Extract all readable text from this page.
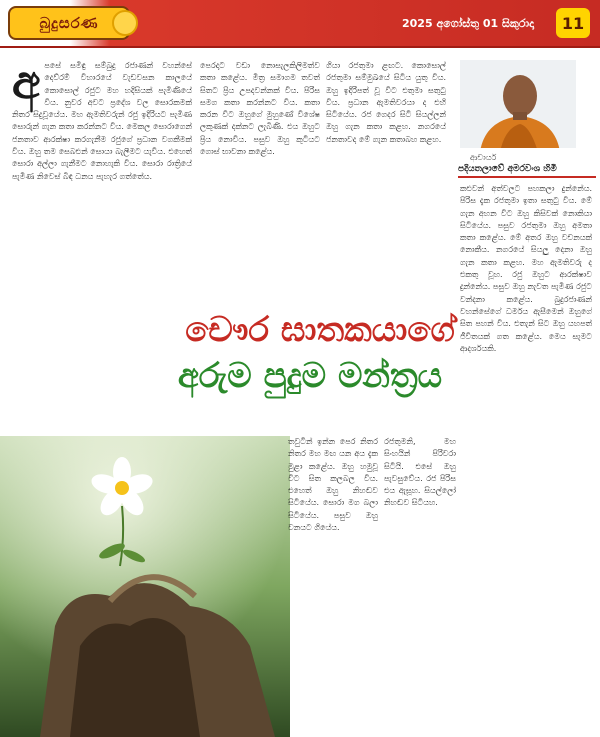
බුදුසරණ	2025 අගෝස්තු 01 සිකුරාදා	11
අ පසේ සමිඳු සම්බුදු රජාණන් වහන්සේ දෙව්රම් විහාරයේ වැඩවසන කාලයේ කොසොල් රජුට මහ හදිසියක් පැමිණියේ විය. නුවර අවට ප්‍රදේශ වල සොරකමක් නිතර සිදුවූයේය. මහ ඇමතිවරුන් රජු ඉදිරියට පැමිණ සොරුන් ගැන කතා කරන්නට විය. මෙකල සොරාගෙන් ජනතාව ආරක්ෂා කරගැනීම රජුගේ ප්‍රධාන වගකීමක් විය. ඔහු තම සෙබළුන් සොයා බැලීමට යැවීය. එහෙත් සොරා අල්ලා ගැනීමට නොහැකි විය. සොරා රාත්‍රියේ පැමිණ නිවෙස් බිඳ ධනය පැහැර ගත්තේය.
පෙරදාට වඩා නොසැලකිලිමත්ව කතා කළේය. මිත්‍ර සමාගම තවත් සිතට ප්‍රිය උපදවන්නක් විය. පිරිස සමග කතා කරන්නට විය. කතා කරන විට ඔහුගේ මුහුණේ විශේෂ ලකුණක් දක්නට ලැබිණි. එය ඔහුට ප්‍රිය නොවීය. පසුව ඔහු කුටියට ගොස් භාවනා කළේය.
ගියා රජතුමා ළඟට. කොසොල් රජතුමා සම්මුඛයේ සිටිය යුතු විය. ඔහු ඉදිරිපත් වූ විට එතුමා සතුටු විය. ප්‍රධාන ඇමතිවරයා ද එහි සිටියේය. රජ ගෙදර සිටි සියල්ලන් ඔහු ගැන කතා කළහ. නගරයේ ජනතාවද මේ ගැන කතාබහ කළහ.
ආචාර්ය
පදියතලාවේ අමරවංශ හිමි
කළුවන් අත්වලට පහකලා දුන්නේය. පිරිස දැක රජතුමා ඉතා සතුටු විය. මේ ගැන අහන විට ඔහු කිසිවක් නොකියා සිටියේය. පසුව රජතුමා ඔහු අමතා කතා කළේය. මේ අතර ඔහු වචනයක් නොකීය. නගරයේ සියලු දෙනා ඔහු ගැන කතා කළහ. මහ ඇමතිවරු ද එකතු වූහ. රජු ඔහුට ආරක්ෂාව දුන්නේය. පසුව ඔහු නැවත පැමිණ රජුට වන්දනා කළේය. බුදුරජාණන් වහන්සේගේ ධර්මය ඇසීමෙන් ඔහුගේ සිත පහන් විය. එතැන් සිට ඔහු යහපත් ජීවිතයක් ගත කළේය. මෙය සැමට ආදර්ශයකි.
චෞර ඝාතකයාගේ
අරුම පුදුම මන්ත්‍රය
තවුටින් ඉන්න පෙර නිතර නිතර මහ මඟ යන අය දැක මුළා කළේය. ඔහු හමුවූ විට සිත කලබල විය. එහෙත් ඔහු නිහඬව සිටියේය. සොරා මග බලා සිටියේය. පසුව ඔහු වනයට ගියේය.
රජතුමනි, මහ සිංහයින් පිරිවරා සිටියි. එසේ ඔහු පැවසුවේය. රජ පිරිස එය ඇසූහ. සියල්ලෝ නිහඬව සිටියහ.
